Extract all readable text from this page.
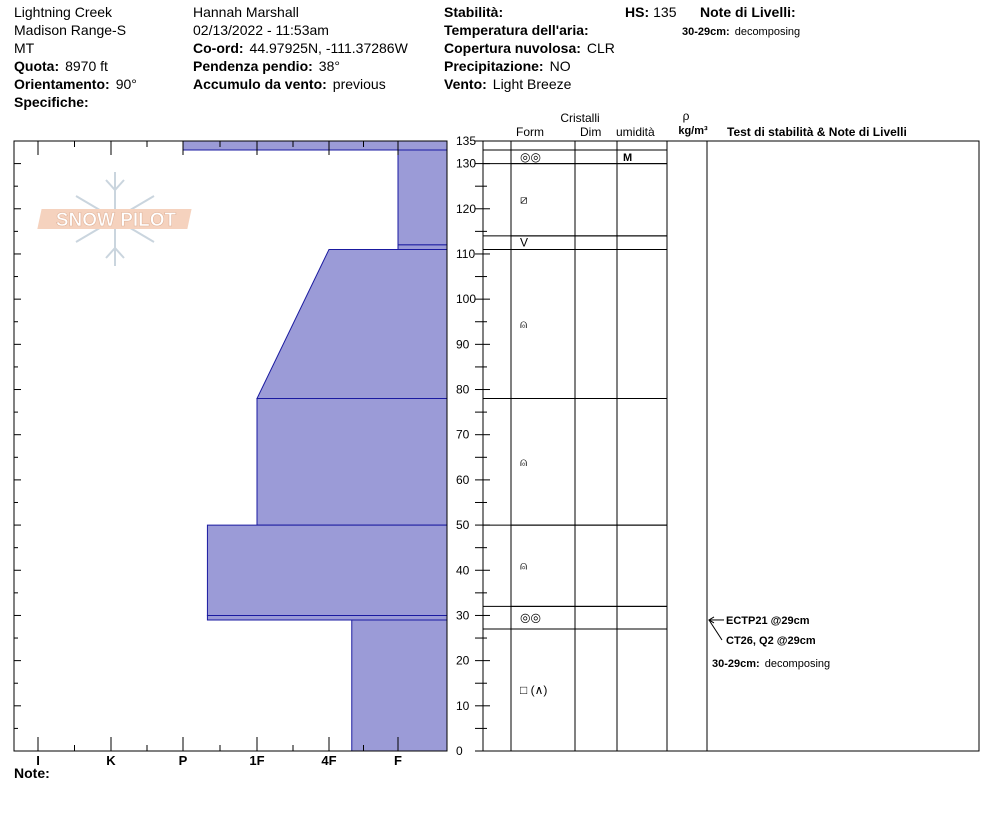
Lightning Creek
Madison Range-S
MT
Quota: 8970 ft
Orientamento: 90°
Specifiche:
Hannah Marshall
02/13/2022 - 11:53am
Co-ord: 44.97925N, -111.37286W
Pendenza pendio: 38°
Accumulo da vento: previous
Stabilità:
Temperatura dell'aria:
Copertura nuvolosa: CLR
Precipitazione: NO
Vento: Light Breeze
HS: 135 Note di Livelli:
30-29cm: decomposing
Cristalli
Form	Dim umidità
ρ
kg/m³ Test di stabilità & Note di Livelli
SNOW PILOT
I	K	P	1F	4F	F
0
10
20
30
40
50
60
70
80
90
100
110
120
130
135
◎◎	M
⧄
V
⍝
⍝
⍝
◎◎
□ (∧)
ECTP21 @29cm
CT26, Q2 @29cm
30-29cm: decomposing
Note:
